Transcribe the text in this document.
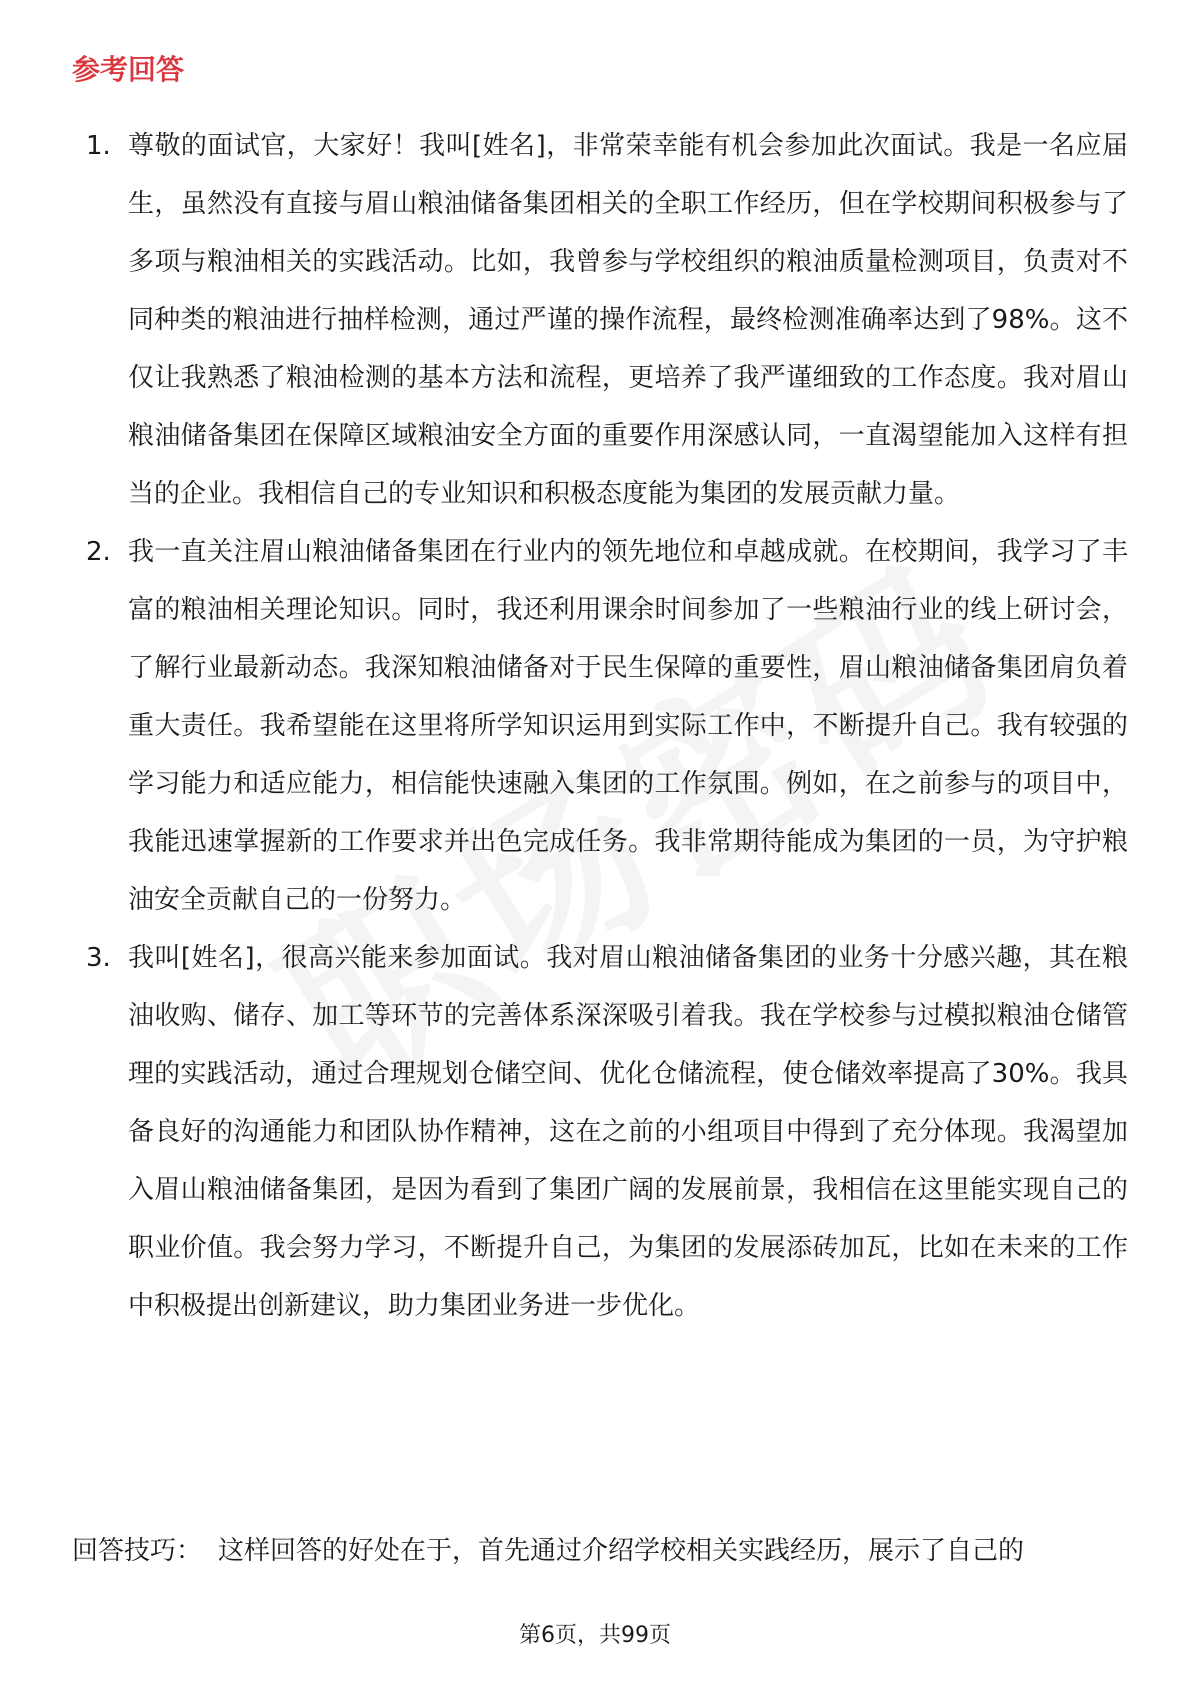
参考回答
1. 尊敬的面试官，大家好！我叫[姓名]，非常荣幸能有机会参加此次面试。我是一名应届生，虽然没有直接与眉山粮油储备集团相关的全职工作经历，但在学校期间积极参与了多项与粮油相关的实践活动。比如，我曾参与学校组织的粮油质量检测项目，负责对不同种类的粮油进行抽样检测，通过严谨的操作流程，最终检测准确率达到了98%。这不仅让我熟悉了粮油检测的基本方法和流程，更培养了我严谨细致的工作态度。我对眉山粮油储备集团在保障区域粮油安全方面的重要作用深感认同，一直渴望能加入这样有担当的企业。我相信自己的专业知识和积极态度能为集团的发展贡献力量。
2. 我一直关注眉山粮油储备集团在行业内的领先地位和卓越成就。在校期间，我学习了丰富的粮油相关理论知识。同时，我还利用课余时间参加了一些粮油行业的线上研讨会，了解行业最新动态。我深知粮油储备对于民生保障的重要性，眉山粮油储备集团肩负着重大责任。我希望能在这里将所学知识运用到实际工作中，不断提升自己。我有较强的学习能力和适应能力，相信能快速融入集团的工作氛围。例如，在之前参与的项目中，我能迅速掌握新的工作要求并出色完成任务。我非常期待能成为集团的一员，为守护粮油安全贡献自己的一份努力。
3. 我叫[姓名]，很高兴能来参加面试。我对眉山粮油储备集团的业务十分感兴趣，其在粮油收购、储存、加工等环节的完善体系深深吸引着我。我在学校参与过模拟粮油仓储管理的实践活动，通过合理规划仓储空间、优化仓储流程，使仓储效率提高了30%。我具备良好的沟通能力和团队协作精神，这在之前的小组项目中得到了充分体现。我渴望加入眉山粮油储备集团，是因为看到了集团广阔的发展前景，我相信在这里能实现自己的职业价值。我会努力学习，不断提升自己，为集团的发展添砖加瓦，比如在未来的工作中积极提出创新建议，助力集团业务进一步优化。
回答技巧： 这样回答的好处在于，首先通过介绍学校相关实践经历，展示了自己的
第6页，共99页
